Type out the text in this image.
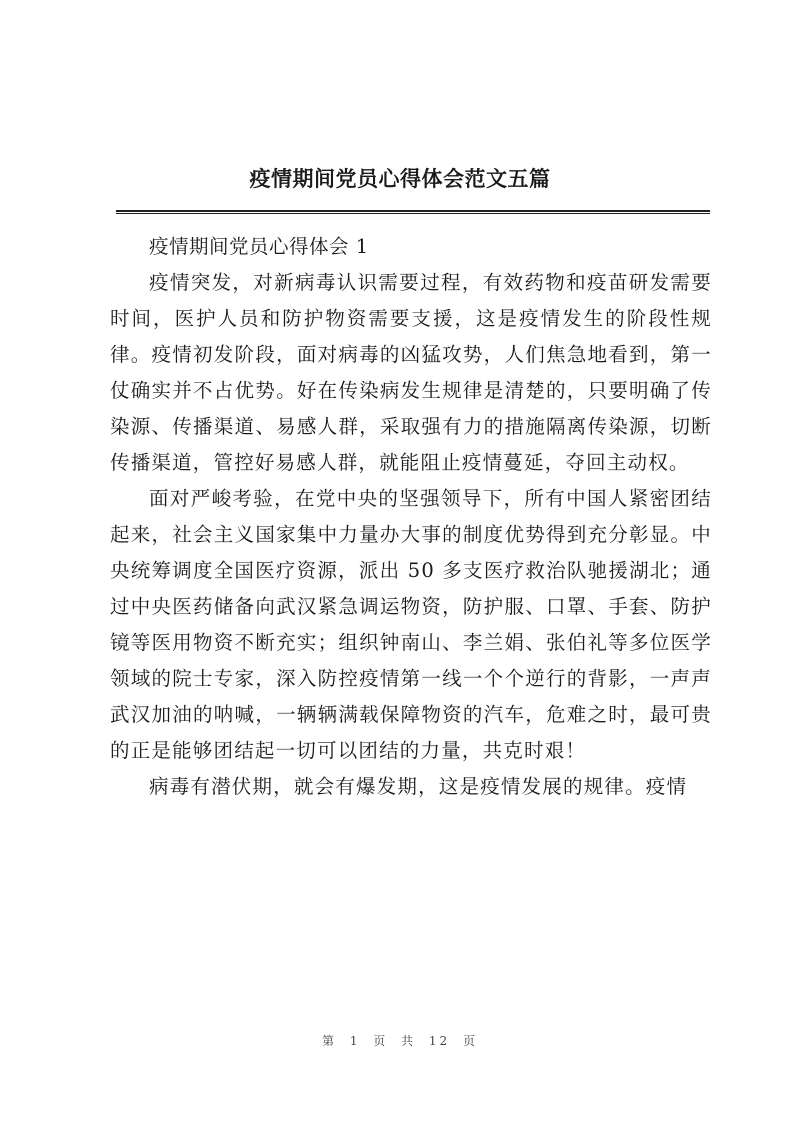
疫情期间党员心得体会范文五篇

疫情期间党员心得体会 1

疫情突发，对新病毒认识需要过程，有效药物和疫苗研发需要时间，医护人员和防护物资需要支援，这是疫情发生的阶段性规律。疫情初发阶段，面对病毒的凶猛攻势，人们焦急地看到，第一仗确实并不占优势。好在传染病发生规律是清楚的，只要明确了传染源、传播渠道、易感人群，采取强有力的措施隔离传染源，切断传播渠道，管控好易感人群，就能阻止疫情蔓延，夺回主动权。

面对严峻考验，在党中央的坚强领导下，所有中国人紧密团结起来，社会主义国家集中力量办大事的制度优势得到充分彰显。中央统筹调度全国医疗资源，派出 50 多支医疗救治队驰援湖北；通过中央医药储备向武汉紧急调运物资，防护服、口罩、手套、防护镜等医用物资不断充实；组织钟南山、李兰娟、张伯礼等多位医学领域的院士专家，深入防控疫情第一线一个个逆行的背影，一声声武汉加油的呐喊，一辆辆满载保障物资的汽车，危难之时，最可贵的正是能够团结起一切可以团结的力量，共克时艰！

病毒有潜伏期，就会有爆发期，这是疫情发展的规律。疫情

第 1 页 共 12 页
